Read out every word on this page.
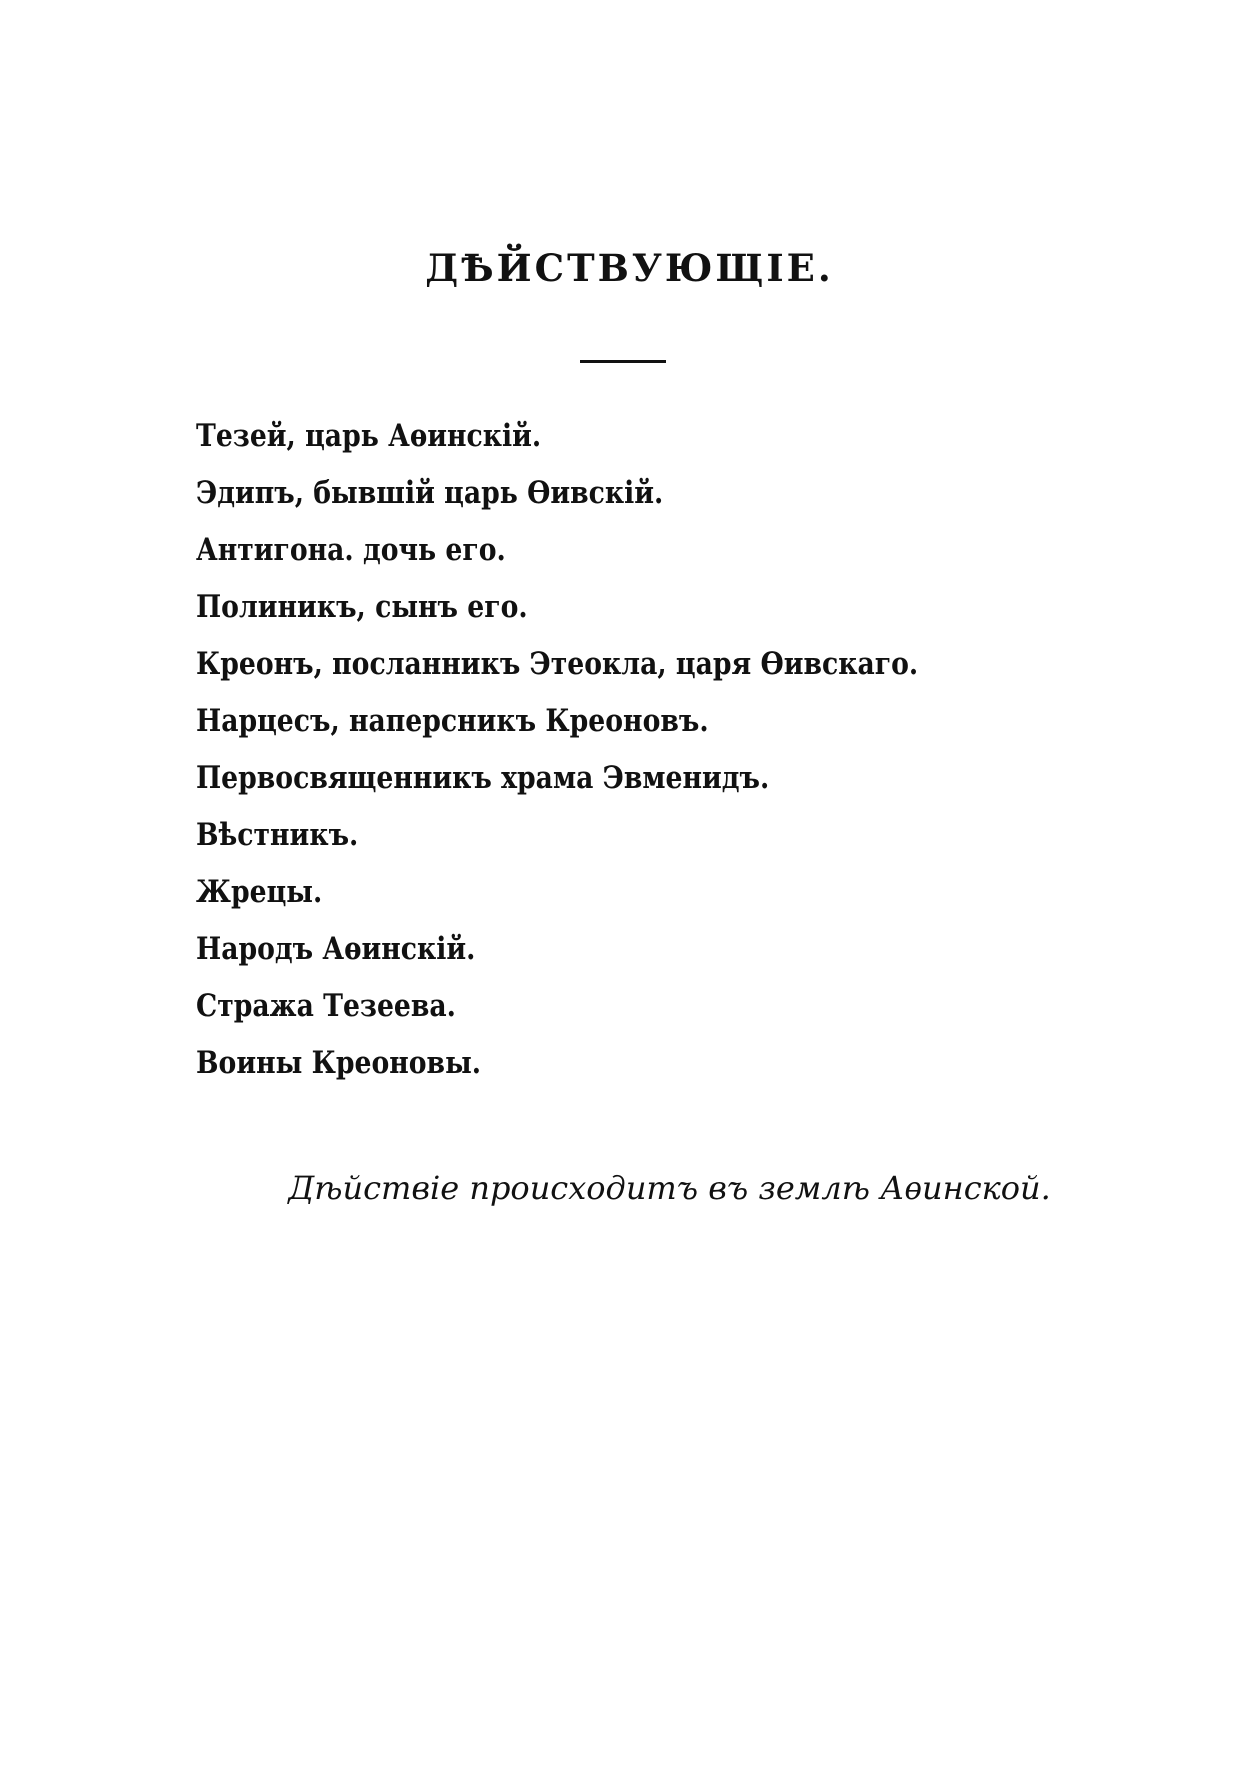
ДѢЙСТВУЮЩІЕ.
Тезей, царь Аѳинскій.
Эдипъ, бывшій царь Ѳивскій.
Антигона. дочь его.
Полиникъ, сынъ его.
Креонъ, посланникъ Этеокла, царя Ѳивскаго.
Нарцесъ, наперсникъ Креоновъ.
Первосвященникъ храма Эвменидъ.
Вѣстникъ.
Жрецы.
Народъ Аѳинскій.
Стража Тезеева.
Воины Креоновы.

Дѣйствіе происходитъ въ землѣ Аѳинской.
